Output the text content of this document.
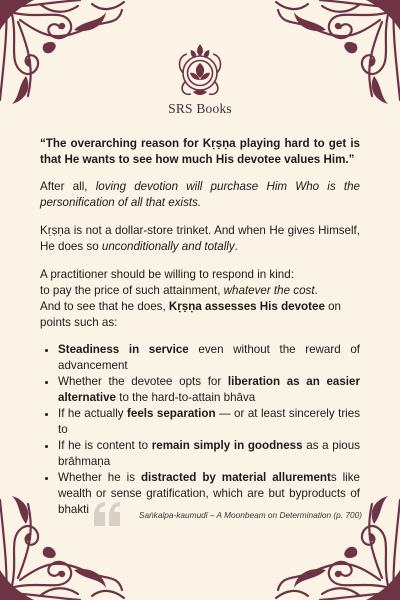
SRS Books

“The overarching reason for Kṛṣṇa playing hard to get is that He wants to see how much His devotee values Him.”

After all, loving devotion will purchase Him Who is the personification of all that exists.

Kṛṣṇa is not a dollar-store trinket. And when He gives Himself, He does so unconditionally and totally.

A practitioner should be willing to respond in kind:
to pay the price of such attainment, whatever the cost.
And to see that he does, Kṛṣṇa assesses His devotee on points such as:

• Steadiness in service even without the reward of advancement
• Whether the devotee opts for liberation as an easier alternative to the hard-to-attain bhāva
• If he actually feels separation — or at least sincerely tries to
• If he is content to remain simply in goodness as a pious brāhmaṇa
• Whether he is distracted by material allurements like wealth or sense gratification, which are but byproducts of bhakti	Saṅkalpa-kaumudī – A Moonbeam on Determination (p. 700)
